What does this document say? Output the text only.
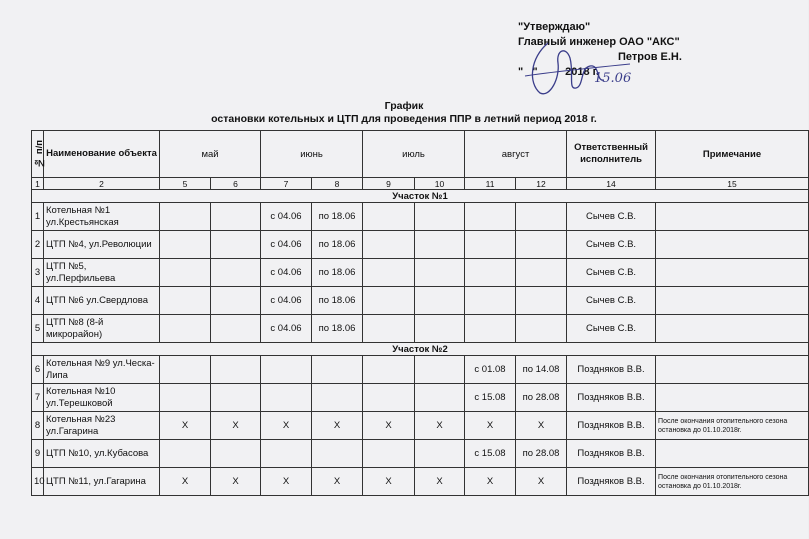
"Утверждаю"
Главный инженер ОАО "АКС"
Петров Е.Н.
"   "         2018 г.
15.06
График
остановки котельных и ЦТП для проведения ППР в летний период 2018 г.
№ п/п	Наименование объекта	май		июнь		июль		август		Ответственный исполнитель	Примечание
1	2	5	6	7	8	9	10	11	12	14	15
Участок №1											
1	Котельная №1 ул.Крестьянская			с 04.06	по 18.06					Сычев С.В.	
2	ЦТП №4, ул.Революции			с 04.06	по 18.06					Сычев С.В.	
3	ЦТП №5, ул.Перфильева			с 04.06	по 18.06					Сычев С.В.	
4	ЦТП №6 ул.Свердлова			с 04.06	по 18.06					Сычев С.В.	
5	ЦТП №8 (8-й микрорайон)			с 04.06	по 18.06					Сычев С.В.	
Участок №2											
6	Котельная №9 ул.Ческа-Липа							с 01.08	по 14.08	Поздняков В.В.	
7	Котельная №10 ул.Терешковой							с 15.08	по 28.08	Поздняков В.В.	
8	Котельная №23 ул.Гагарина	Х	Х	Х	Х	Х	Х	Х	Х	Поздняков В.В.	После окончания отопительного сезона остановка до 01.10.2018г.
9	ЦТП №10, ул.Кубасова							с 15.08	по 28.08	Поздняков В.В.	
10	ЦТП №11, ул.Гагарина	Х	Х	Х	Х	Х	Х	Х	Х	Поздняков В.В.	После окончания отопительного сезона остановка до 01.10.2018г.
